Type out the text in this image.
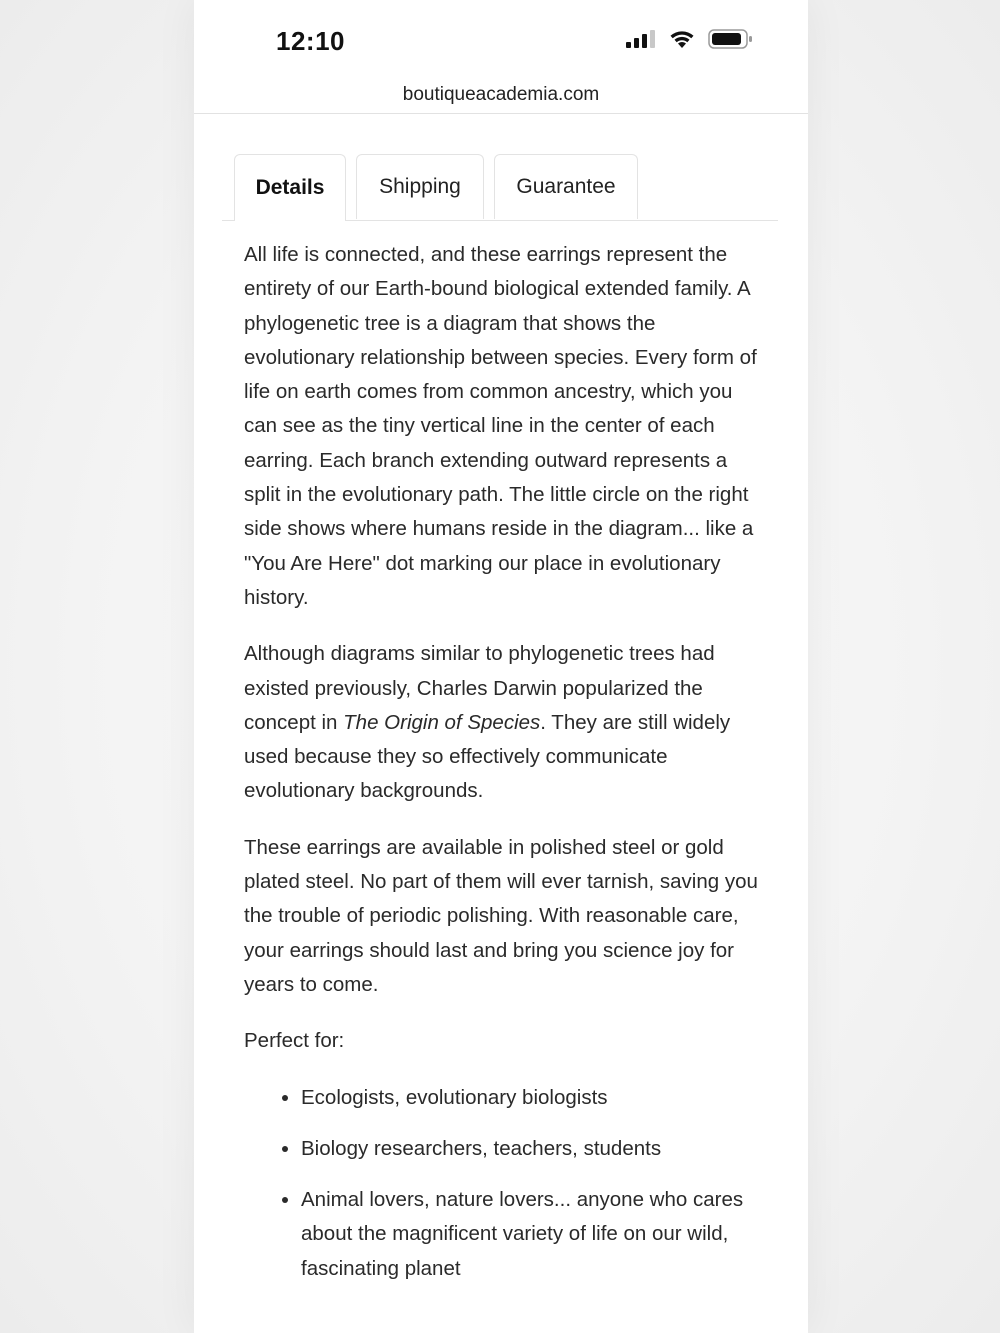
12:10
boutiqueacademia.com
Details	Shipping	Guarantee

All life is connected, and these earrings represent the entirety of our Earth-bound biological extended family. A phylogenetic tree is a diagram that shows the evolutionary relationship between species. Every form of life on earth comes from common ancestry, which you can see as the tiny vertical line in the center of each earring. Each branch extending outward represents a split in the evolutionary path. The little circle on the right side shows where humans reside in the diagram... like a "You Are Here" dot marking our place in evolutionary history.

Although diagrams similar to phylogenetic trees had existed previously, Charles Darwin popularized the concept in The Origin of Species. They are still widely used because they so effectively communicate evolutionary backgrounds.

These earrings are available in polished steel or gold plated steel. No part of them will ever tarnish, saving you the trouble of periodic polishing. With reasonable care, your earrings should last and bring you science joy for years to come.

Perfect for:

• Ecologists, evolutionary biologists
• Biology researchers, teachers, students
• Animal lovers, nature lovers... anyone who cares about the magnificent variety of life on our wild, fascinating planet
